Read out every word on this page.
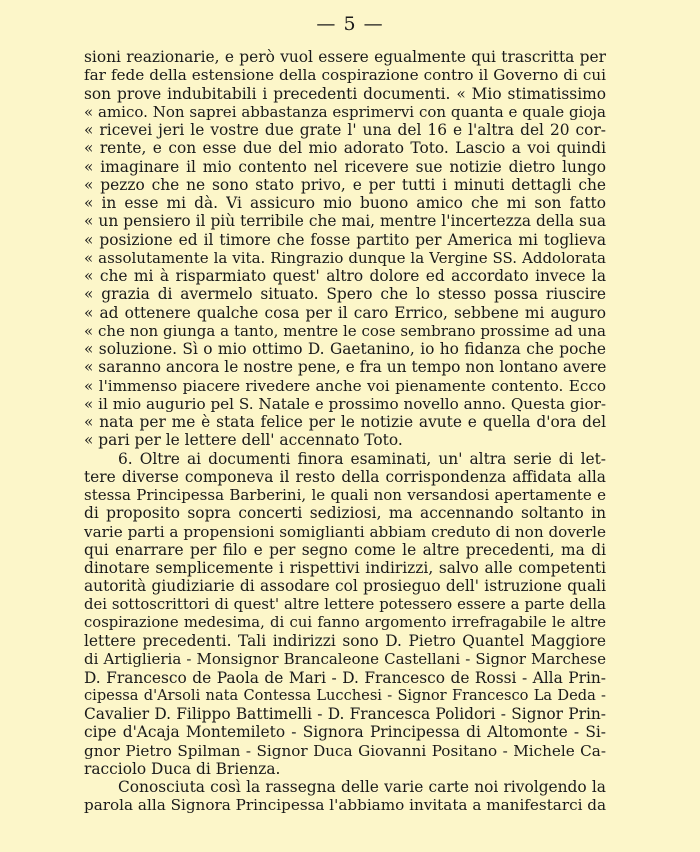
— 5 —
sioni reazionarie, e però vuol essere egualmente qui trascritta per
far fede della estensione della cospirazione contro il Governo di cui
son prove indubitabili i precedenti documenti. « Mio stimatissimo
« amico. Non saprei abbastanza esprimervi con quanta e quale gioja
« ricevei jeri le vostre due grate l' una del 16 e l'altra del 20 cor-
« rente, e con esse due del mio adorato Toto. Lascio a voi quindi
« imaginare il mio contento nel ricevere sue notizie dietro lungo
« pezzo che ne sono stato privo, e per tutti i minuti dettagli che
« in esse mi dà. Vi assicuro mio buono amico che mi son fatto
« un pensiero il più terribile che mai, mentre l'incertezza della sua
« posizione ed il timore che fosse partito per America mi toglieva
« assolutamente la vita. Ringrazio dunque la Vergine SS. Addolorata
« che mi à risparmiato quest' altro dolore ed accordato invece la
« grazia di avermelo situato. Spero che lo stesso possa riuscire
« ad ottenere qualche cosa per il caro Errico, sebbene mi auguro
« che non giunga a tanto, mentre le cose sembrano prossime ad una
« soluzione. Sì o mio ottimo D. Gaetanino, io ho fidanza che poche
« saranno ancora le nostre pene, e fra un tempo non lontano avere
« l'immenso piacere rivedere anche voi pienamente contento. Ecco
« il mio augurio pel S. Natale e prossimo novello anno. Questa gior-
« nata per me è stata felice per le notizie avute e quella d'ora del
« pari per le lettere dell' accennato Toto.
6. Oltre ai documenti finora esaminati, un' altra serie di let-
tere diverse componeva il resto della corrispondenza affidata alla
stessa Principessa Barberini, le quali non versandosi apertamente e
di proposito sopra concerti sediziosi, ma accennando soltanto in
varie parti a propensioni somiglianti abbiam creduto di non doverle
qui enarrare per filo e per segno come le altre precedenti, ma di
dinotare semplicemente i rispettivi indirizzi, salvo alle competenti
autorità giudiziarie di assodare col prosieguo dell' istruzione quali
dei sottoscrittori di quest' altre lettere potessero essere a parte della
cospirazione medesima, di cui fanno argomento irrefragabile le altre
lettere precedenti. Tali indirizzi sono D. Pietro Quantel Maggiore
di Artiglieria - Monsignor Brancaleone Castellani - Signor Marchese
D. Francesco de Paola de Mari - D. Francesco de Rossi - Alla Prin-
cipessa d'Arsoli nata Contessa Lucchesi - Signor Francesco La Deda -
Cavalier D. Filippo Battimelli - D. Francesca Polidori - Signor Prin-
cipe d'Acaja Montemileto - Signora Principessa di Altomonte - Si-
gnor Pietro Spilman - Signor Duca Giovanni Positano - Michele Ca-
racciolo Duca di Brienza.
Conosciuta così la rassegna delle varie carte noi rivolgendo la
parola alla Signora Principessa l'abbiamo invitata a manifestarci da
